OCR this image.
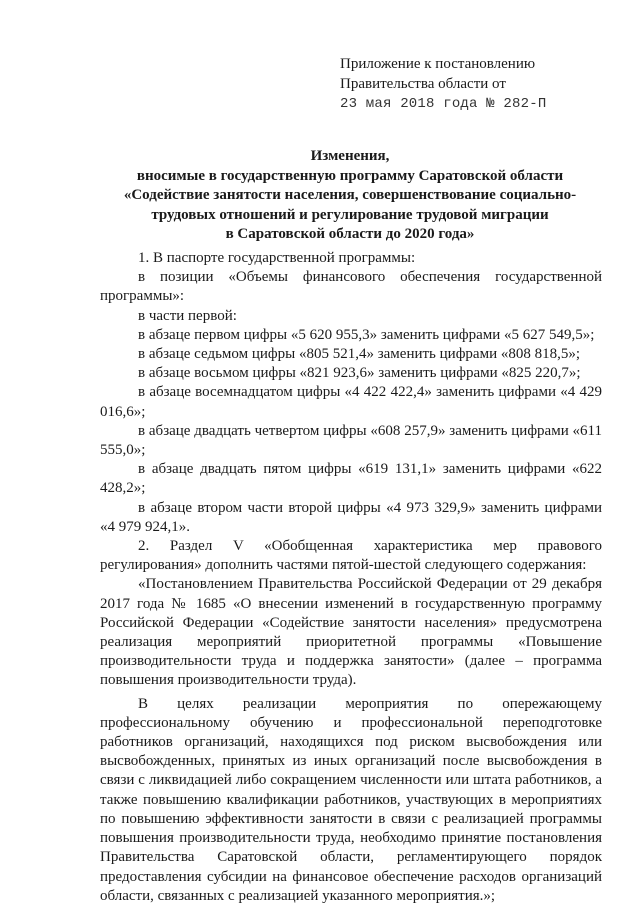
Приложение к постановлению
Правительства области от
23 мая 2018 года № 282-П
Изменения,
вносимые в государственную программу Саратовской области
«Содействие занятости населения, совершенствование социально-трудовых отношений и регулирование трудовой миграции
в Саратовской области до 2020 года»

1. В паспорте государственной программы:

в позиции «Объемы финансового обеспечения государственной программы»:

в части первой:

в абзаце первом цифры «5 620 955,3» заменить цифрами «5 627 549,5»;

в абзаце седьмом цифры «805 521,4» заменить цифрами «808 818,5»;

в абзаце восьмом цифры «821 923,6» заменить цифрами «825 220,7»;

в абзаце восемнадцатом цифры «4 422 422,4» заменить цифрами «4 429 016,6»;

в абзаце двадцать четвертом цифры «608 257,9» заменить цифрами «611 555,0»;

в абзаце двадцать пятом цифры «619 131,1» заменить цифрами «622 428,2»;

в абзаце втором части второй цифры «4 973 329,9» заменить цифрами «4 979 924,1».

2. Раздел V «Обобщенная характеристика мер правового регулирования» дополнить частями пятой-шестой следующего содержания:

«Постановлением Правительства Российской Федерации от 29 декабря 2017 года № 1685 «О внесении изменений в государственную программу Российской Федерации «Содействие занятости населения» предусмотрена реализация мероприятий приоритетной программы «Повышение производительности труда и поддержка занятости» (далее – программа повышения производительности труда).

В целях реализации мероприятия по опережающему профессиональному обучению и профессиональной переподготовке работников организаций, находящихся под риском высвобождения или высвобожденных, принятых из иных организаций после высвобождения в связи с ликвидацией либо сокращением численности или штата работников, а также повышению квалификации работников, участвующих в мероприятиях по повышению эффективности занятости в связи с реализацией программы повышения производительности труда, необходимо принятие постановления Правительства Саратовской области, регламентирующего порядок предоставления субсидии на финансовое обеспечение расходов организаций области, связанных с реализацией указанного мероприятия.»;
